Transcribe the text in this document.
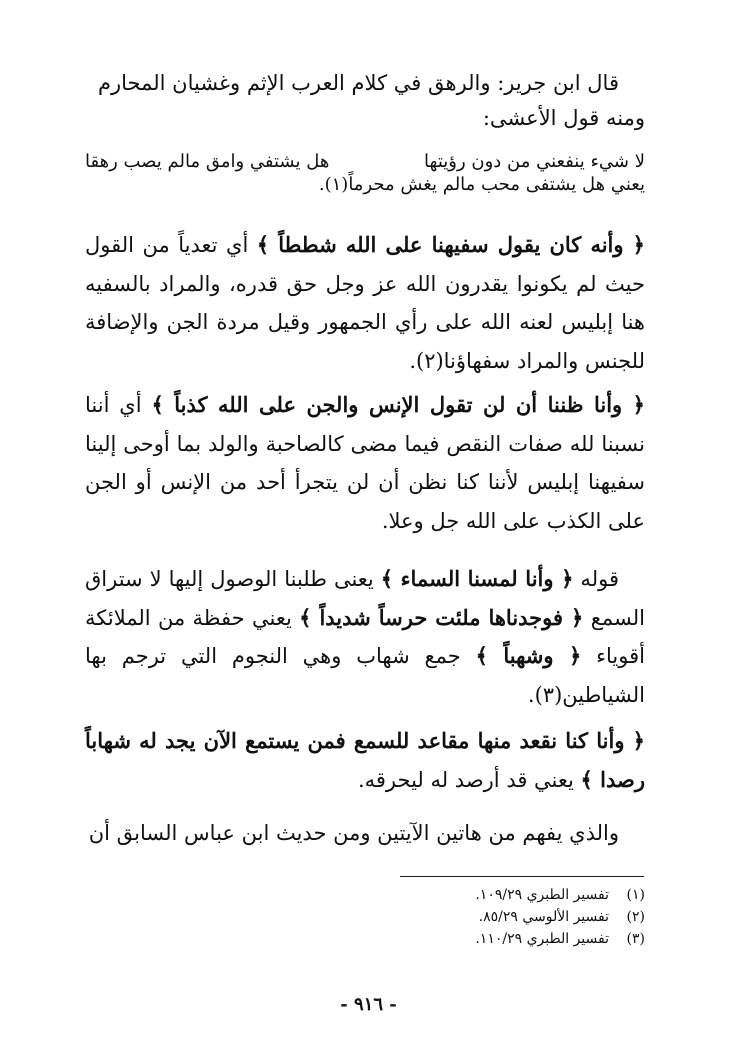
قال ابن جرير: والرهق في كلام العرب الإثم وغشيان المحارم

ومنه قول الأعشى:

لا شيء ينفعني من دون رؤيتها
هل يشتفي وامق مالم يصب رهقا
يعني هل يشتفى محب مالم يغش محرماً(١).

﴿ وأنه كان يقول سفيهنا على الله شططاً ﴾ أي تعدياً من القول حيث لم يكونوا يقدرون الله عز وجل حق قدره، والمراد بالسفيه هنا إبليس لعنه الله على رأي الجمهور وقيل مردة الجن والإضافة للجنس والمراد سفهاؤنا(٢).

﴿ وأنا ظننا أن لن تقول الإنس والجن على الله كذباً ﴾ أي أننا نسبنا لله صفات النقص فيما مضى كالصاحبة والولد بما أوحى إلينا سفيهنا إبليس لأننا كنا نظن أن لن يتجرأ أحد من الإنس أو الجن على الكذب على الله جل وعلا.

قوله ﴿ وأنا لمسنا السماء ﴾ يعنى طلبنا الوصول إليها لا ستراق السمع ﴿ فوجدناها ملئت حرساً شديداً ﴾ يعني حفظة من الملائكة أقوياء ﴿ وشهباً ﴾ جمع شهاب وهي النجوم التي ترجم بها الشياطين(٣).

﴿ وأنا كنا نقعد منها مقاعد للسمع فمن يستمع الآن يجد له شهاباً رصدا ﴾ يعني قد أرصد له ليحرقه.

والذي يفهم من هاتين الآيتين ومن حديث ابن عباس السابق أن

(١)
تفسير الطبري ١٠٩/٢٩.
(٢)
تفسير الألوسي ٨٥/٢٩.
(٣)
تفسير الطبري ١١٠/٢٩.
- ٩١٦ -
